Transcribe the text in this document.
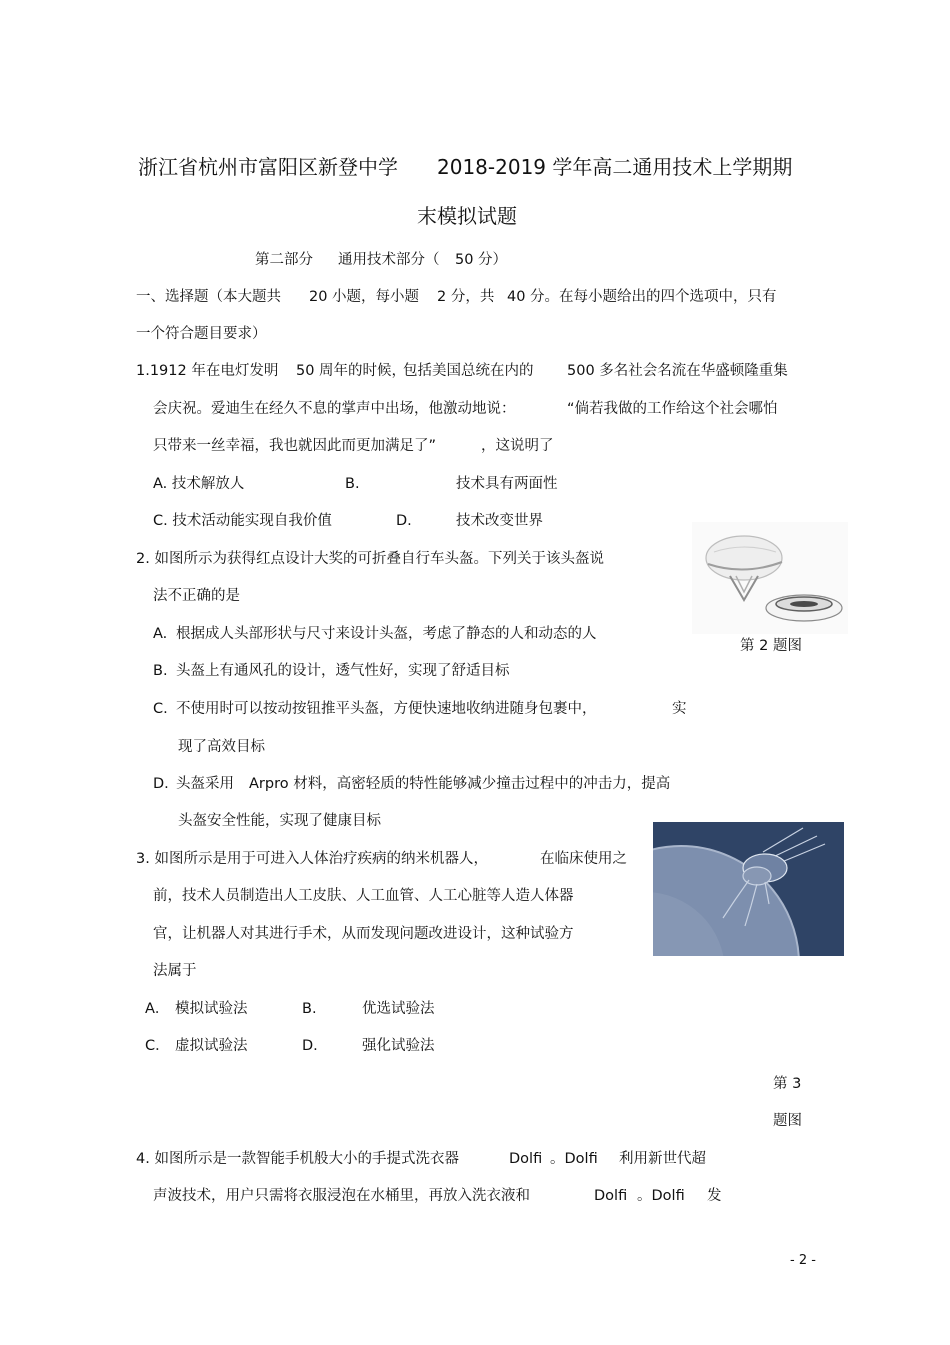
浙江省杭州市富阳区新登中学 2018-2019 学年高二通用技术上学期期
末模拟试题
第二部分 通用技术部分（ 50 分）
一、选择题（本大题共 20 小题，每小题 2 分，共 40 分。在每小题给出的四个选项中，只有
一个符合题目要求）
1.1912 年在电灯发明 50 周年的时候，
包括美国总统在内的 500 多名社会名流在华盛顿隆重集
会庆祝。爱迪生在经久不息的掌声中出场，他激动地说：	“倘若我做的工作给这个社会哪怕
只带来一丝幸福，我也就因此而更加满足了”	，这说明了
A. 技术解放人	B.	技术具有两面性
C. 技术活动能实现自我价值	D.	技术改变世界
第 2 题图
2. 如图所示为获得红点设计大奖的可折叠自行车头盔。下列关于该头盔说
法不正确的是
A. 根据成人头部形状与尺寸来设计头盔，考虑了静态的人和动态的人
B. 头盔上有通风孔的设计，透气性好，实现了舒适目标
C. 不使用时可以按动按钮推平头盔，方便快速地收纳进随身包裹中，	实
现了高效目标
D. 头盔采用 Arpro 材料，高密轻质的特性能够减少撞击过程中的冲击力，提高
头盔安全性能，实现了健康目标
3. 如图所示是用于可进入人体治疗疾病的纳米机器人，	在临床使用之
前，技术人员制造出人工皮肤、人工血管、人工心脏等人造人体器
官，让机器人对其进行手术，从而发现问题改进设计，这种试验方
法属于
A． 模拟试验法	B.	优选试验法
C． 虚拟试验法	D.	强化试验法
第 3
题图
4. 如图所示是一款智能手机般大小的手提式洗衣器	Dolfi 。Dolfi 利用新世代超
声波技术，用户只需将衣服浸泡在水桶里，再放入洗衣液和	Dolfi 。Dolfi 发
- 2 -
